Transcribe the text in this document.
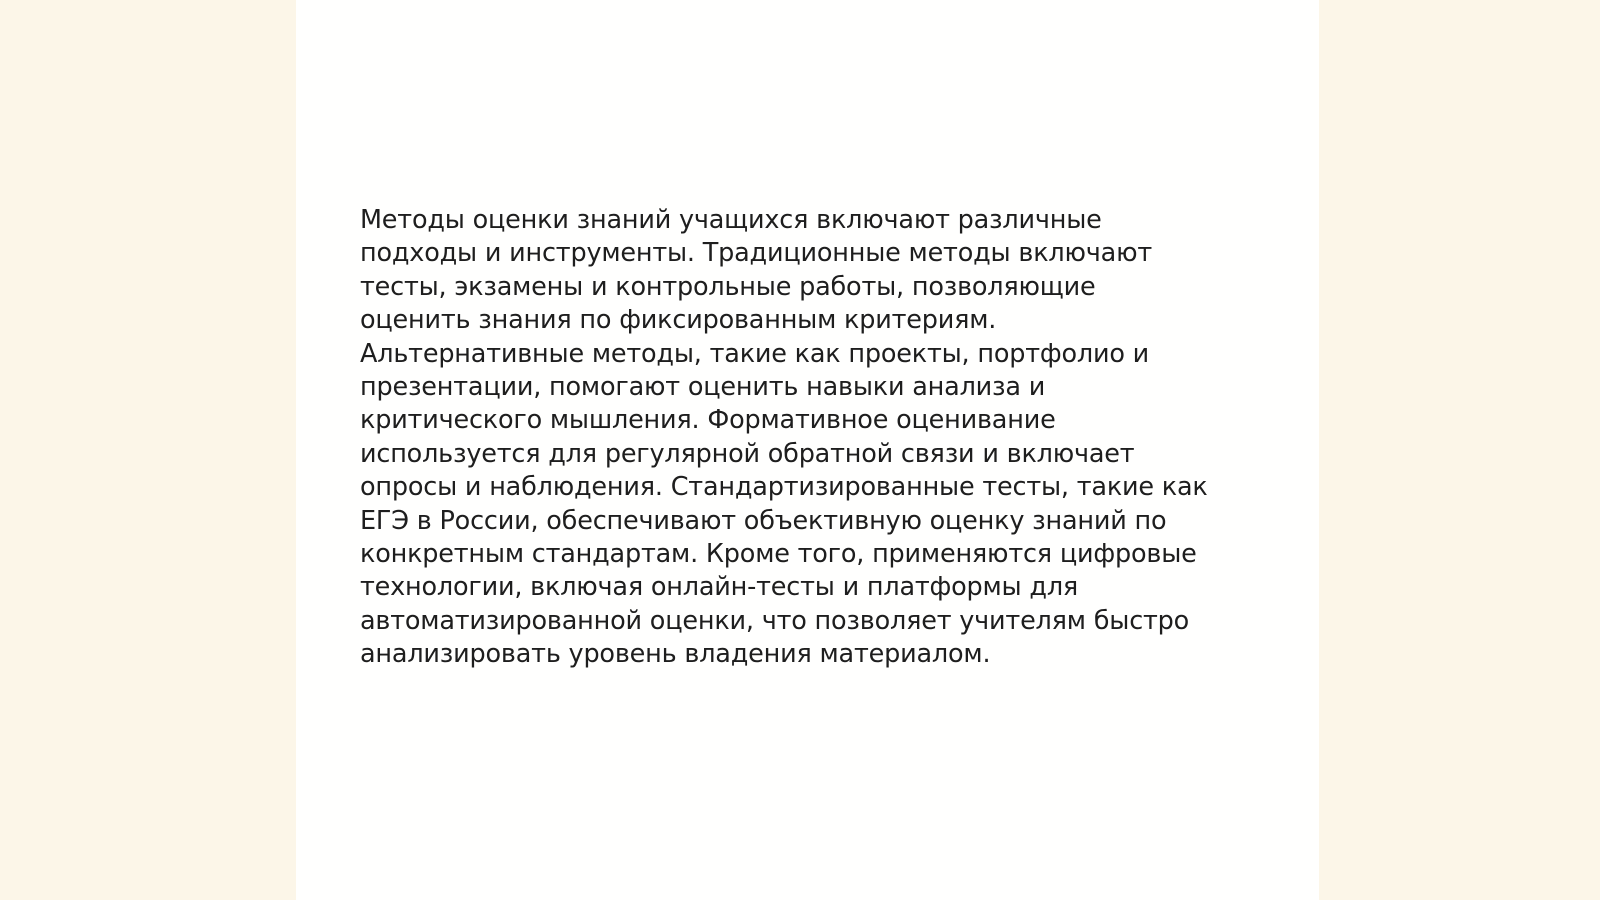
Методы оценки знаний учащихся включают различные
подходы и инструменты. Традиционные методы включают
тесты, экзамены и контрольные работы, позволяющие
оценить знания по фиксированным критериям.
Альтернативные методы, такие как проекты, портфолио и
презентации, помогают оценить навыки анализа и
критического мышления. Формативное оценивание
используется для регулярной обратной связи и включает
опросы и наблюдения. Стандартизированные тесты, такие как
ЕГЭ в России, обеспечивают объективную оценку знаний по
конкретным стандартам. Кроме того, применяются цифровые
технологии, включая онлайн-тесты и платформы для
автоматизированной оценки, что позволяет учителям быстро
анализировать уровень владения материалом.
